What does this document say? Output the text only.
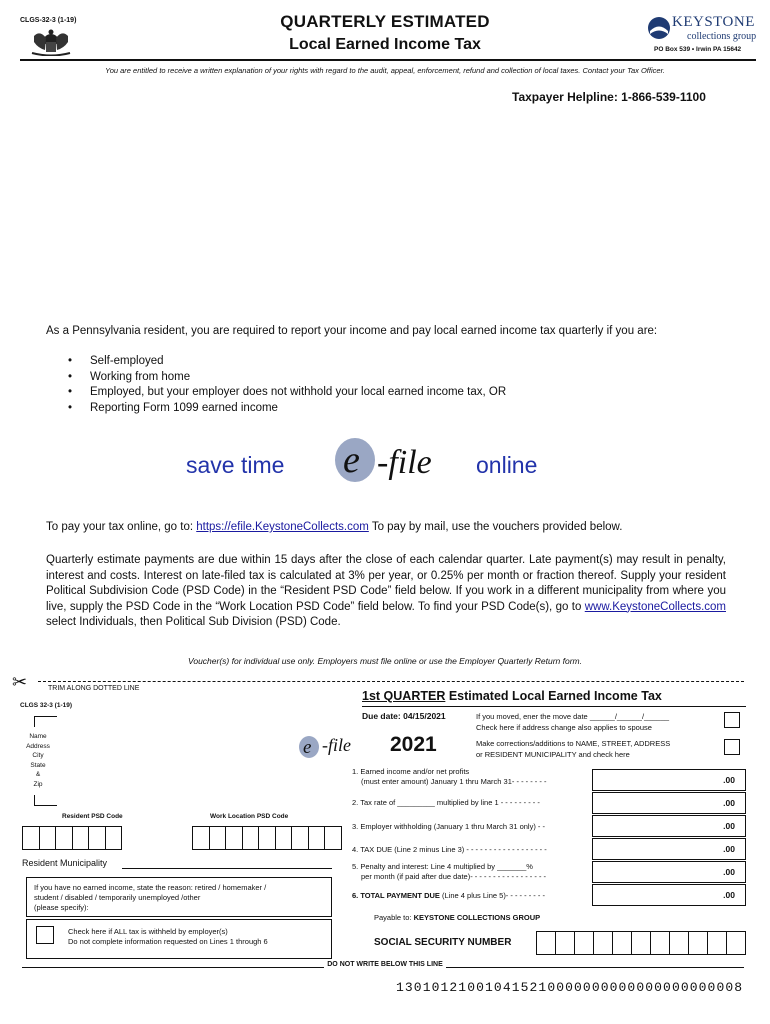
CLGS-32-3 (1-19)	QUARTERLY ESTIMATED
Local Earned Income Tax
KEYSTONE
collections group
PO Box 539 • Irwin PA 15642
You are entitled to receive a written explanation of your rights with regard to the audit, appeal, enforcement, refund and collection of local taxes. Contact your Tax Officer.
Taxpayer Helpline: 1-866-539-1100
As a Pennsylvania resident, you are required to report your income and pay local earned income tax quarterly if you are:
• Self-employed
• Working from home
• Employed, but your employer does not withhold your local earned income tax, OR
• Reporting Form 1099 earned income
save time e -file online
To pay your tax online, go to: https://efile.KeystoneCollects.com To pay by mail, use the vouchers provided below.
Quarterly estimate payments are due within 15 days after the close of each calendar quarter. Late payment(s) may result in penalty, interest and costs. Interest on late-filed tax is calculated at 3% per year, or 0.25% per month or fraction thereof. Supply your resident Political Subdivision Code (PSD Code) in the “Resident PSD Code” field below. If you work in a different municipality from where you live, supply the PSD Code in the “Work Location PSD Code” field below. To find your PSD Code(s), go to www.KeystoneCollects.com select Individuals, then Political Sub Division (PSD) Code.
Voucher(s) for individual use only. Employers must file online or use the Employer Quarterly Return form.
✂	TRIM ALONG DOTTED LINE
CLGS 32-3 (1-19)
1st QUARTER Estimated Local Earned Income Tax
Due date: 04/15/2021	If you moved, ener the move date ______/______/______
Check here if address change also applies to spouse
Make corrections/additions to NAME, STREET, ADDRESS
or RESIDENT MUNICIPALITY and check here
Name
Address
City
State
&
Zip
e -file 2021
1. Earned income and/or net profits
(must enter amount) January 1 thru March 31- - - - - - - -	.00
2. Tax rate of _________ multiplied by line 1 - - - - - - - - -	.00
3. Employer withholding (January 1 thru March 31 only) - -	.00
4. TAX DUE (Line 2 minus Line 3) - - - - - - - - - - - - - - - - - -	.00
5. Penalty and interest: Line 4 multiplied by _______%
per month (if paid after due date)- - - - - - - - - - - - - - - - -	.00
6. TOTAL PAYMENT DUE (Line 4 plus Line 5)- - - - - - - - -	.00
Resident PSD Code	Work Location PSD Code
Resident Municipality
If you have no earned income, state the reason: retired / homemaker /
student / disabled / temporarily unemployed /other
(please specify):
Check here if ALL tax is withheld by employer(s)
Do not complete information requested on Lines 1 through 6
Payable to: KEYSTONE COLLECTIONS GROUP
SOCIAL SECURITY NUMBER
DO NOT WRITE BELOW THIS LINE
130101210010415210000000000000000000008
